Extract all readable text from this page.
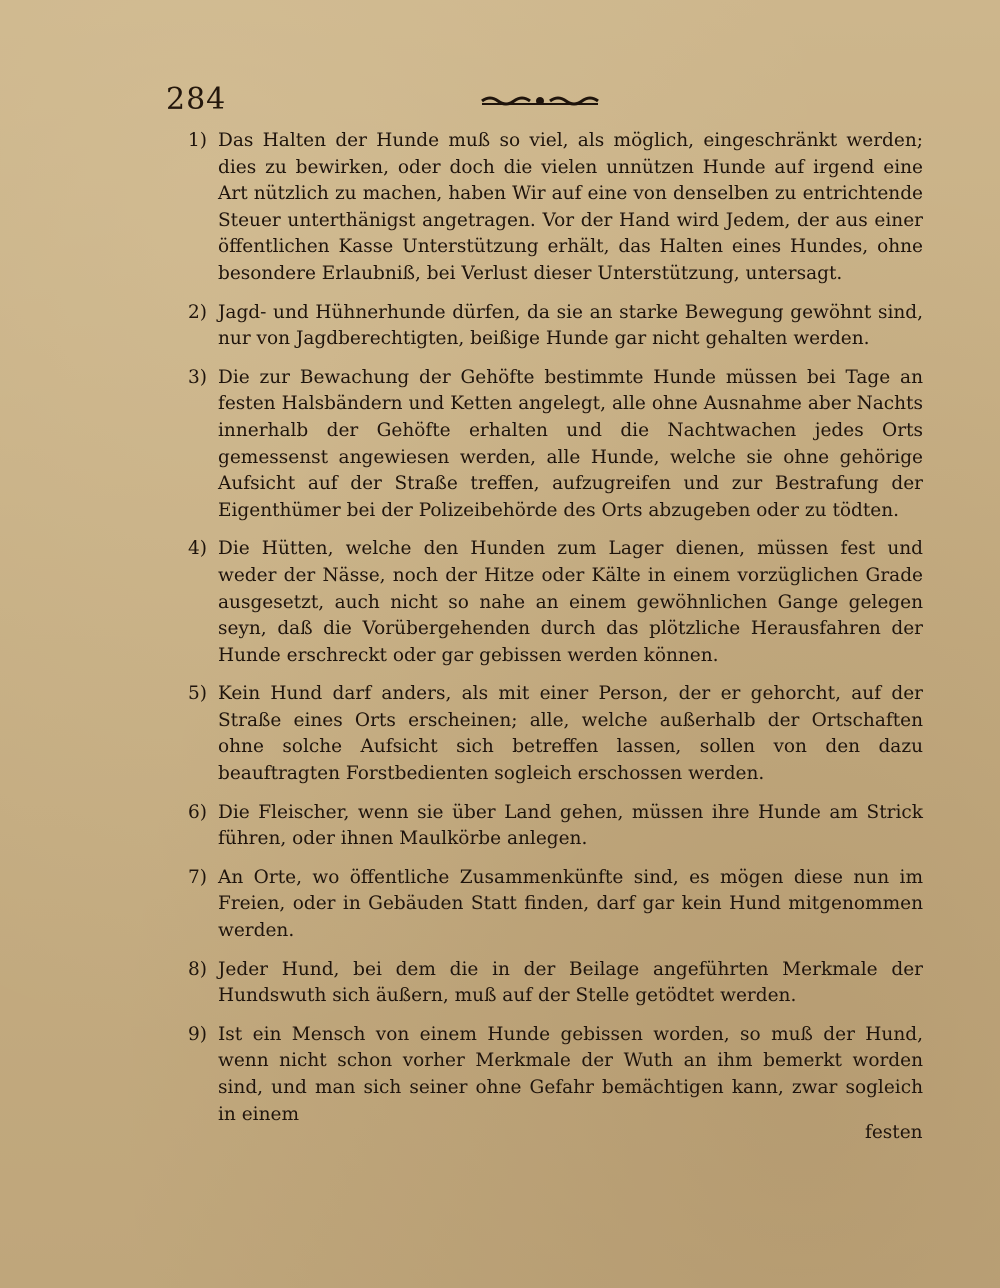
284
1) Das Halten der Hunde muß so viel, als möglich, eingeschränkt werden; dies zu bewirken, oder doch die vielen unnützen Hunde auf irgend eine Art nützlich zu machen, haben Wir auf eine von denselben zu entrichtende Steuer unterthänigst angetragen. Vor der Hand wird Jedem, der aus einer öffentlichen Kasse Unterstützung erhält, das Halten eines Hundes, ohne besondere Erlaubniß, bei Verlust dieser Unterstützung, untersagt.
2) Jagd- und Hühnerhunde dürfen, da sie an starke Bewegung gewöhnt sind, nur von Jagdberechtigten, beißige Hunde gar nicht gehalten werden.
3) Die zur Bewachung der Gehöfte bestimmte Hunde müssen bei Tage an festen Halsbändern und Ketten angelegt, alle ohne Ausnahme aber Nachts innerhalb der Gehöfte erhalten und die Nachtwachen jedes Orts gemessenst angewiesen werden, alle Hunde, welche sie ohne gehörige Aufsicht auf der Straße treffen, aufzugreifen und zur Bestrafung der Eigenthümer bei der Polizeibehörde des Orts abzugeben oder zu tödten.
4) Die Hütten, welche den Hunden zum Lager dienen, müssen fest und weder der Nässe, noch der Hitze oder Kälte in einem vorzüglichen Grade ausgesetzt, auch nicht so nahe an einem gewöhnlichen Gange gelegen seyn, daß die Vorübergehenden durch das plötzliche Herausfahren der Hunde erschreckt oder gar gebissen werden können.
5) Kein Hund darf anders, als mit einer Person, der er gehorcht, auf der Straße eines Orts erscheinen; alle, welche außerhalb der Ortschaften ohne solche Aufsicht sich betreffen lassen, sollen von den dazu beauftragten Forstbedienten sogleich erschossen werden.
6) Die Fleischer, wenn sie über Land gehen, müssen ihre Hunde am Strick führen, oder ihnen Maulkörbe anlegen.
7) An Orte, wo öffentliche Zusammenkünfte sind, es mögen diese nun im Freien, oder in Gebäuden Statt finden, darf gar kein Hund mitgenommen werden.
8) Jeder Hund, bei dem die in der Beilage angeführten Merkmale der Hundswuth sich äußern, muß auf der Stelle getödtet werden.
9) Ist ein Mensch von einem Hunde gebissen worden, so muß der Hund, wenn nicht schon vorher Merkmale der Wuth an ihm bemerkt worden sind, und man sich seiner ohne Gefahr bemächtigen kann, zwar sogleich in einem
festen
